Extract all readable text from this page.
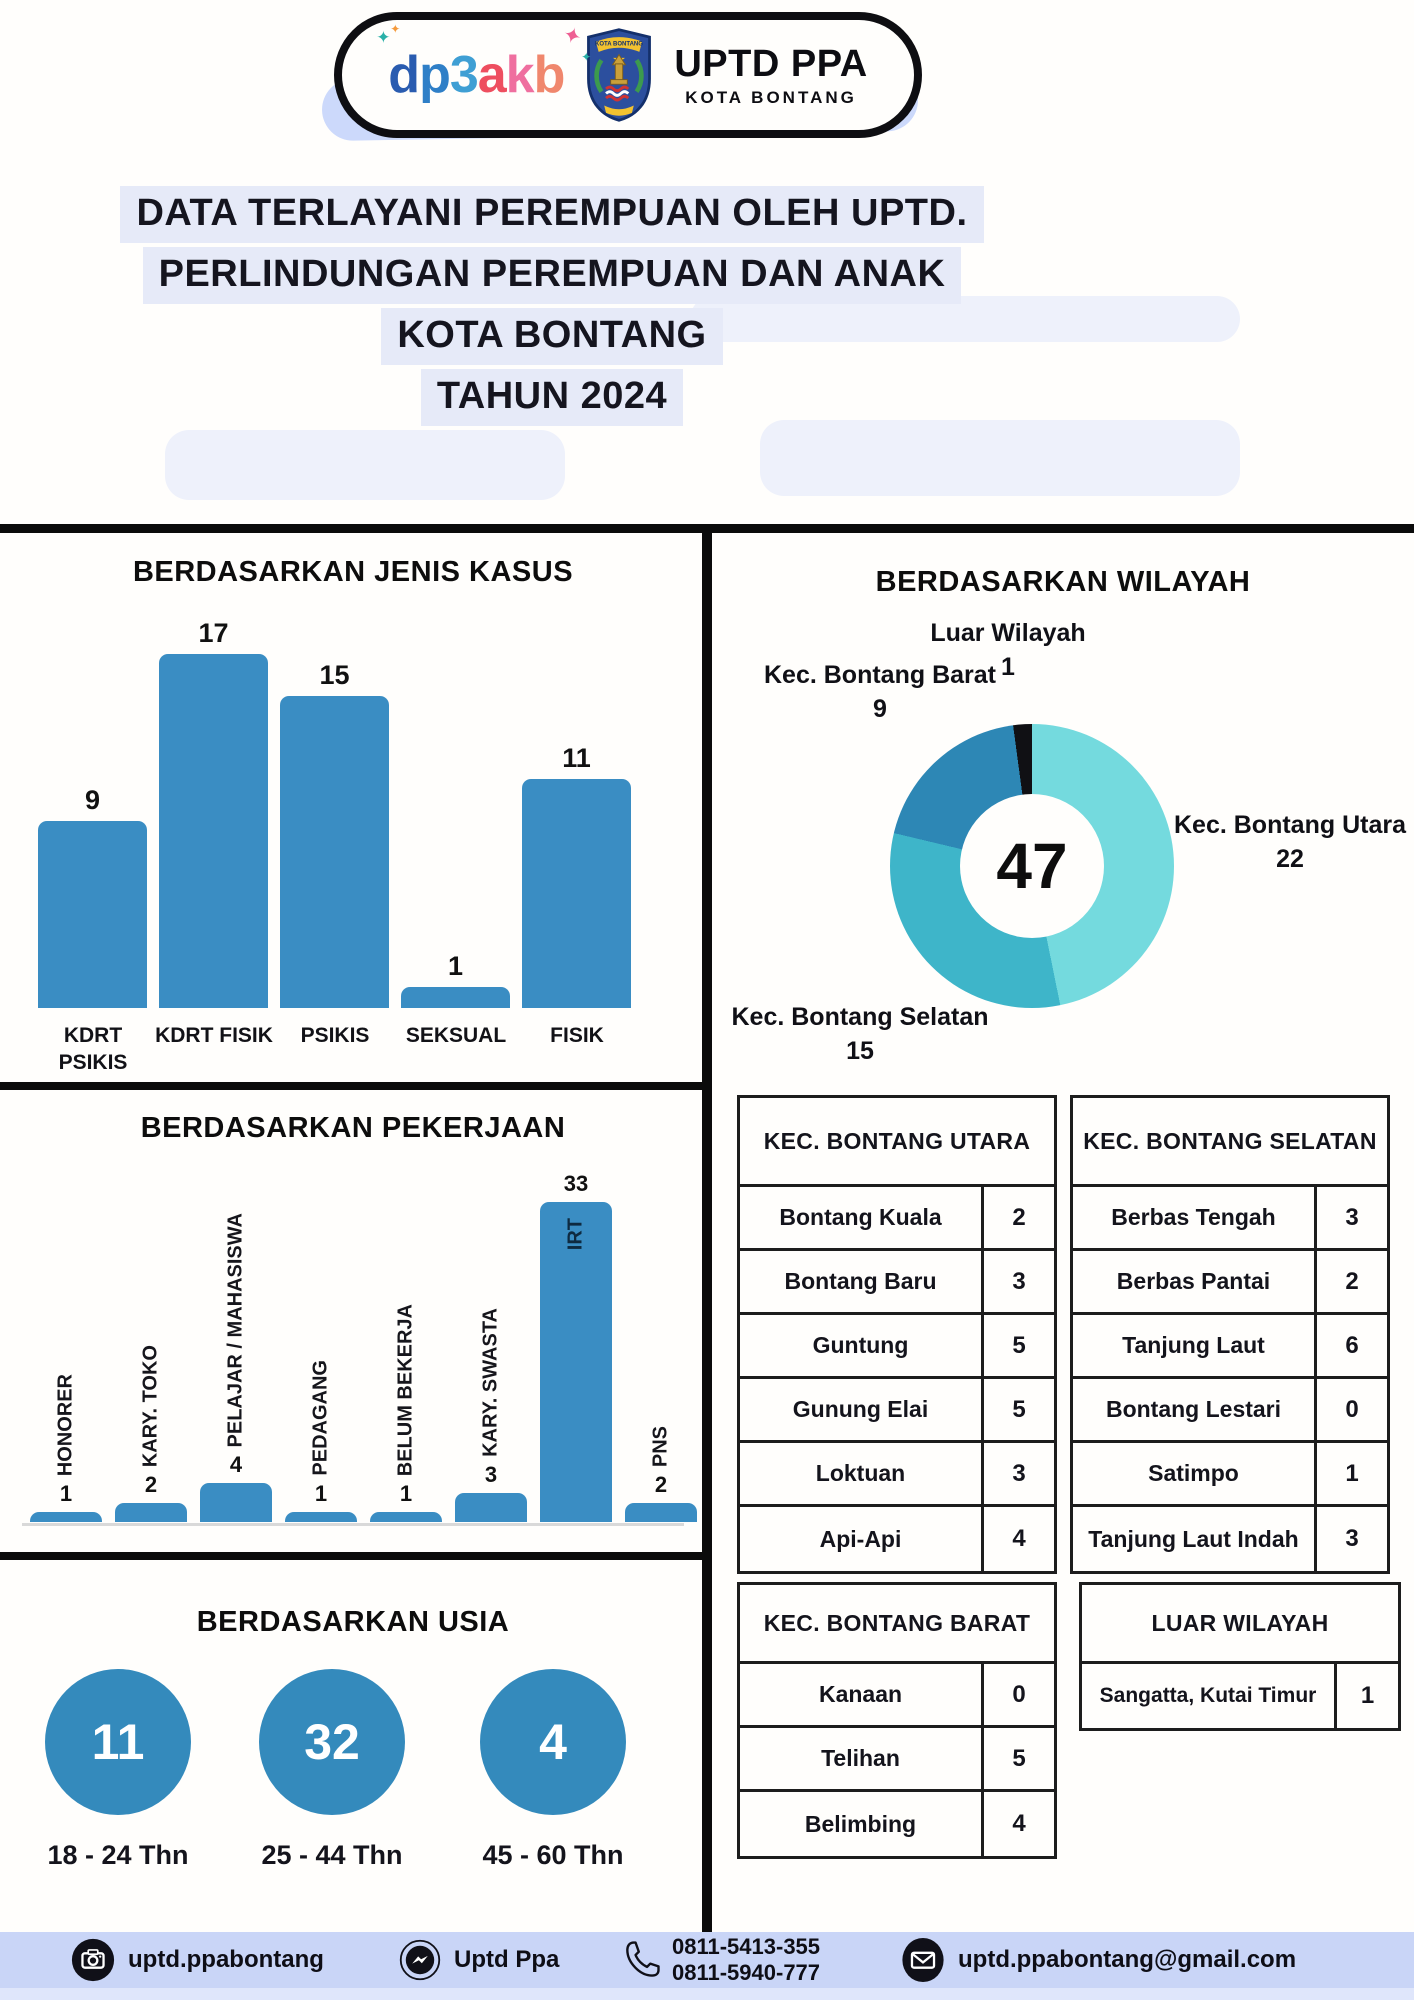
✦ ✦	✦
✦
dp3akb
KOTA BONTANG UPTD PPA
KOTA BONTANG
DATA TERLAYANI PEREMPUAN OLEH UPTD.
PERLINDUNGAN PEREMPUAN DAN ANAK
KOTA BONTANG
TAHUN 2024
BERDASARKAN JENIS KASUS
9
17
15
1
11
KDRT PSIKIS
KDRT FISIK	PSIKIS	SEKSUAL	FISIK
BERDASARKAN PEKERJAAN
HONORER
1
KARY. TOKO
2
PELAJAR / MAHASISWA
4	PEDAGANG
1
BELUM BEKERJA
1
KARY. SWASTA
3
IRT
33
PNS
2
BERDASARKAN USIA
11	32	4
18 - 24 Thn	25 - 44 Thn	45 - 60 Thn
BERDASARKAN WILAYAH
47
Luar Wilayah
1
Kec. Bontang Barat
9
Kec. Bontang Utara
22
Kec. Bontang Selatan
15
KEC. BONTANG UTARA
Bontang Kuala	2
Bontang Baru	3
Guntung	5
Gunung Elai	5
Loktuan	3
Api-Api	4
KEC. BONTANG SELATAN
Berbas Tengah	3
Berbas Pantai	2
Tanjung Laut	6
Bontang Lestari	0
Satimpo	1
Tanjung Laut Indah	3
KEC. BONTANG BARAT
Kanaan	0
Telihan	5
Belimbing	4
LUAR WILAYAH
Sangatta, Kutai Timur	1
uptd.ppabontang	Uptd Ppa	0811-5413-355
0811-5940-777	uptd.ppabontang@gmail.com
